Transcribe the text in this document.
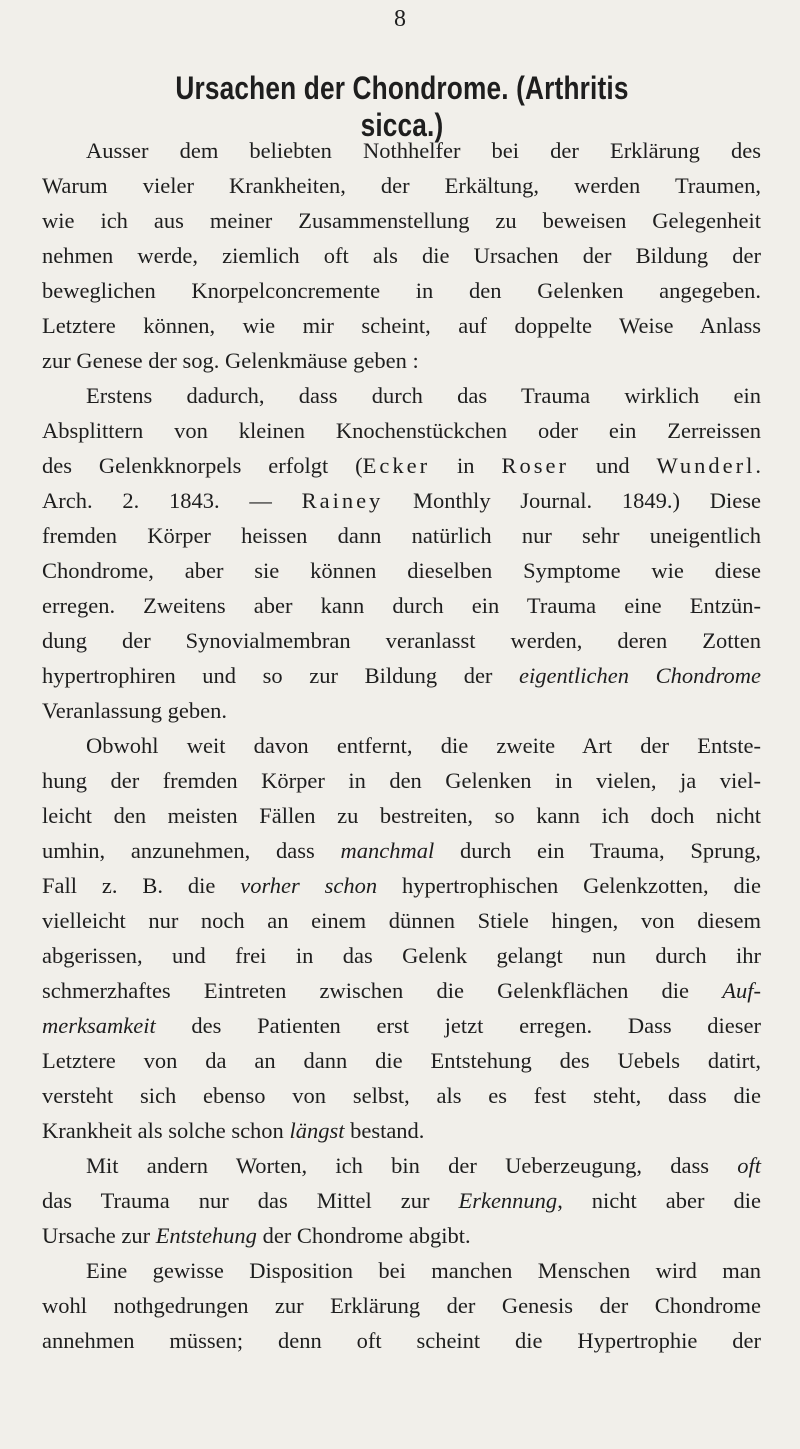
8
Ursachen der Chondrome. (Arthritis sicca.)
Ausser dem beliebten Nothhelfer bei der Erklärung des
Warum vieler Krankheiten, der Erkältung, werden Traumen,
wie ich aus meiner Zusammenstellung zu beweisen Gelegenheit
nehmen werde, ziemlich oft als die Ursachen der Bildung der
beweglichen Knorpelconcremente in den Gelenken angegeben.
Letztere können, wie mir scheint, auf doppelte Weise Anlass
zur Genese der sog. Gelenkmäuse geben :
Erstens dadurch, dass durch das Trauma wirklich ein
Absplittern von kleinen Knochenstückchen oder ein Zerreissen
des Gelenkknorpels erfolgt (Ecker in Roser und Wunderl.
Arch. 2. 1843. — Rainey Monthly Journal. 1849.) Diese
fremden Körper heissen dann natürlich nur sehr uneigentlich
Chondrome, aber sie können dieselben Symptome wie diese
erregen. Zweitens aber kann durch ein Trauma eine Entzün-
dung der Synovialmembran veranlasst werden, deren Zotten
hypertrophiren und so zur Bildung der eigentlichen Chondrome
Veranlassung geben.
Obwohl weit davon entfernt, die zweite Art der Entste-
hung der fremden Körper in den Gelenken in vielen, ja viel-
leicht den meisten Fällen zu bestreiten, so kann ich doch nicht
umhin, anzunehmen, dass manchmal durch ein Trauma, Sprung,
Fall z. B. die vorher schon hypertrophischen Gelenkzotten, die
vielleicht nur noch an einem dünnen Stiele hingen, von diesem
abgerissen, und frei in das Gelenk gelangt nun durch ihr
schmerzhaftes Eintreten zwischen die Gelenkflächen die Auf-
merksamkeit des Patienten erst jetzt erregen. Dass dieser
Letztere von da an dann die Entstehung des Uebels datirt,
versteht sich ebenso von selbst, als es fest steht, dass die
Krankheit als solche schon längst bestand.
Mit andern Worten, ich bin der Ueberzeugung, dass oft
das Trauma nur das Mittel zur Erkennung, nicht aber die
Ursache zur Entstehung der Chondrome abgibt.
Eine gewisse Disposition bei manchen Menschen wird man
wohl nothgedrungen zur Erklärung der Genesis der Chondrome
annehmen müssen; denn oft scheint die Hypertrophie der
